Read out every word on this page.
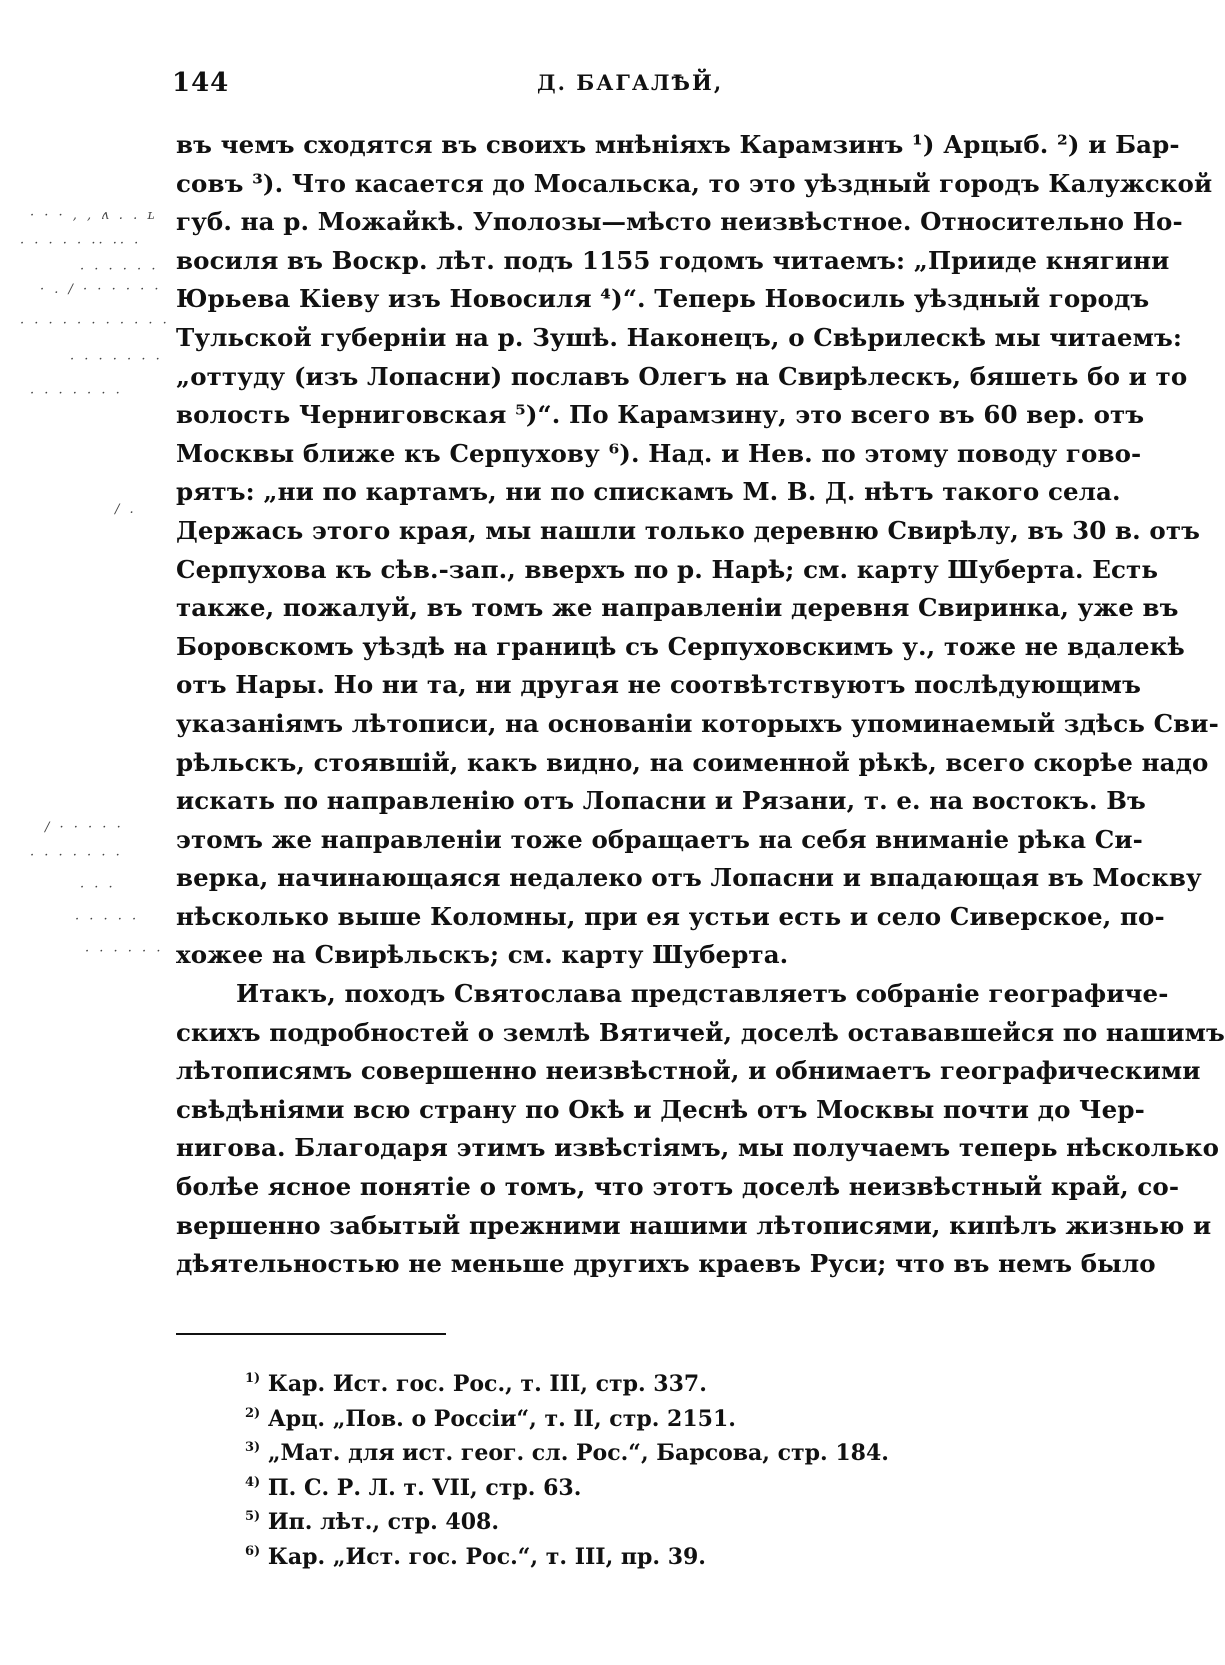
144	Д. БАГАЛѢЙ,
· · · , , ʌ . . ʟ
· · · · · ·· ·· ·
· · · · · ·
· . / · · · · · ·
· · · · · · · · · · ·
· · · · · · ·
· · · · · · ·
/ .
/ · · · · ·
· · · · · · ·
· · ·
· · · · ·
· · · · · ·
въ чемъ сходятся въ своихъ мнѣніяхъ Карамзинъ ¹) Арцыб. ²) и Бар-
совъ ³). Что касается до Мосальска, то это уѣздный городъ Калужской
губ. на р. Можайкѣ. Уполозы—мѣсто неизвѣстное. Относительно Но-
восиля въ Воскр. лѣт. подъ 1155 годомъ читаемъ: „Прииде княгини
Юрьева Кіеву изъ Новосиля ⁴)“. Теперь Новосиль уѣздный городъ
Тульской губерніи на р. Зушѣ. Наконецъ, о Свѣрилескѣ мы читаемъ:
„оттуду (изъ Лопасни) пославъ Олегъ на Свирѣлескъ, бяшеть бо и то
волость Черниговская ⁵)“. По Карамзину, это всего въ 60 вер. отъ
Москвы ближе къ Серпухову ⁶). Над. и Нев. по этому поводу гово-
рятъ: „ни по картамъ, ни по спискамъ М. В. Д. нѣтъ такого села.
Держась этого края, мы нашли только деревню Свирѣлу, въ 30 в. отъ
Серпухова къ сѣв.-зап., вверхъ по р. Нарѣ; см. карту Шуберта. Есть
также, пожалуй, въ томъ же направленіи деревня Свиринка, уже въ
Боровскомъ уѣздѣ на границѣ съ Серпуховскимъ у., тоже не вдалекѣ
отъ Нары. Но ни та, ни другая не соотвѣтствуютъ послѣдующимъ
указаніямъ лѣтописи, на основаніи которыхъ упоминаемый здѣсь Сви-
рѣльскъ, стоявшій, какъ видно, на соименной рѣкѣ, всего скорѣе надо
искать по направленію отъ Лопасни и Рязани, т. е. на востокъ. Въ
этомъ же направленіи тоже обращаетъ на себя вниманіе рѣка Си-
верка, начинающаяся недалеко отъ Лопасни и впадающая въ Москву
нѣсколько выше Коломны, при ея устьи есть и село Сиверское, по-
хожее на Свирѣльскъ; см. карту Шуберта.
Итакъ, походъ Святослава представляетъ собраніе географиче-
скихъ подробностей о землѣ Вятичей, доселѣ остававшейся по нашимъ
лѣтописямъ совершенно неизвѣстной, и обнимаетъ географическими
свѣдѣніями всю страну по Окѣ и Деснѣ отъ Москвы почти до Чер-
нигова. Благодаря этимъ извѣстіямъ, мы получаемъ теперь нѣсколько
болѣе ясное понятіе о томъ, что этотъ доселѣ неизвѣстный край, со-
вершенно забытый прежними нашими лѣтописями, кипѣлъ жизнью и
дѣятельностью не меньше другихъ краевъ Руси; что въ немъ было
$^{1)}$ Кар. Ист. гос. Рос., т. III, стр. 337.
$^{2)}$ Арц. „Пов. о Россіи“, т. II, стр. 2151.
$^{3)}$ „Мат. для ист. геог. сл. Рос.“, Барсова, стр. 184.
$^{4)}$ П. С. Р. Л. т. VII, стр. 63.
$^{5)}$ Ип. лѣт., стр. 408.
$^{6)}$ Кар. „Ист. гос. Рос.“, т. III, пр. 39.
